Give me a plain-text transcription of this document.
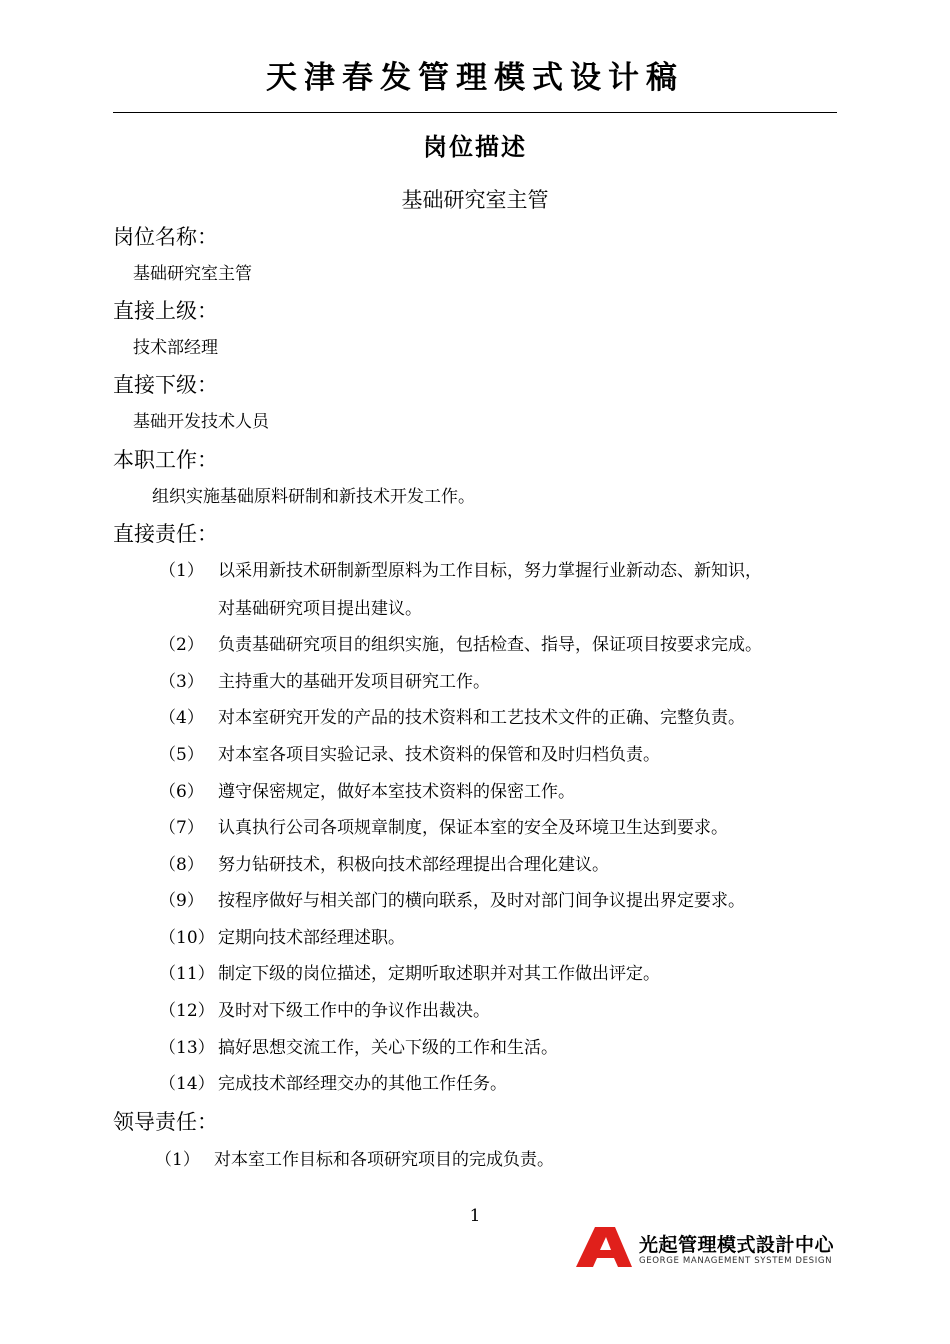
天津春发管理模式设计稿
岗位描述
基础研究室主管
岗位名称：
基础研究室主管
直接上级：
技术部经理
直接下级：
基础开发技术人员
本职工作：
组织实施基础原料研制和新技术开发工作。
直接责任：
（1） 以采用新技术研制新型原料为工作目标，努力掌握行业新动态、新知识，
对基础研究项目提出建议。
（2） 负责基础研究项目的组织实施，包括检查、指导，保证项目按要求完成。
（3） 主持重大的基础开发项目研究工作。
（4） 对本室研究开发的产品的技术资料和工艺技术文件的正确、完整负责。
（5） 对本室各项目实验记录、技术资料的保管和及时归档负责。
（6） 遵守保密规定，做好本室技术资料的保密工作。
（7） 认真执行公司各项规章制度，保证本室的安全及环境卫生达到要求。
（8） 努力钻研技术，积极向技术部经理提出合理化建议。
（9） 按程序做好与相关部门的横向联系，及时对部门间争议提出界定要求。
（10） 定期向技术部经理述职。
（11） 制定下级的岗位描述，定期听取述职并对其工作做出评定。
（12） 及时对下级工作中的争议作出裁决。
（13） 搞好思想交流工作，关心下级的工作和生活。
（14） 完成技术部经理交办的其他工作任务。
领导责任：
（1） 对本室工作目标和各项研究项目的完成负责。
1
光起管理模式設計中心
GEORGE MANAGEMENT SYSTEM DESIGN
